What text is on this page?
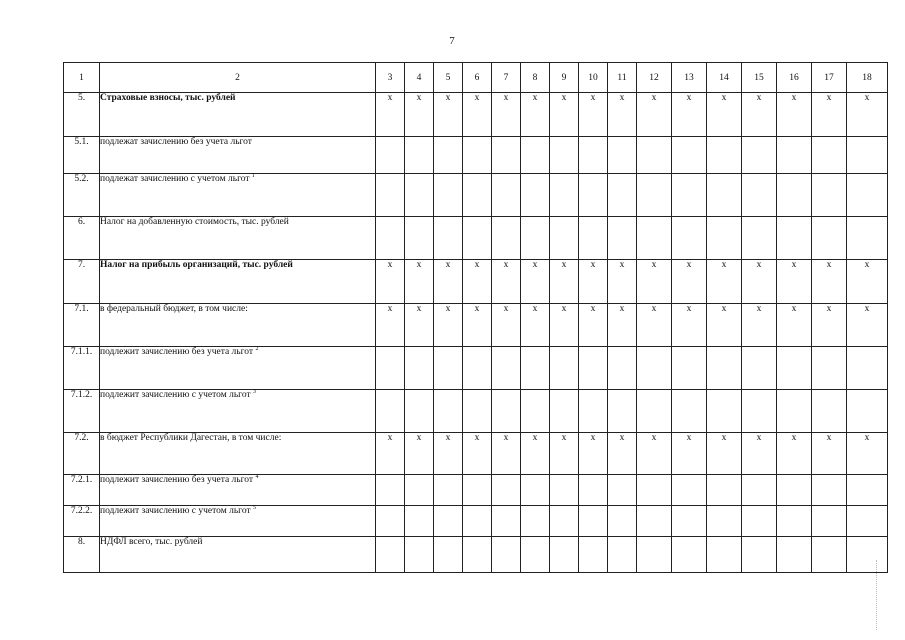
7
1	2	3	4	5	6	7	8	9	10	11	12	13	14	15	16	17	18
5.	Страховые взносы, тыс. рублей	x	x	x	x	x	x	x	x	x	x	x	x	x	x	x	x
5.1.	подлежат зачислению без учета льгот																
5.2.	подлежат зачислению с учетом льгот $^1$																
6.	Налог на добавленную стоимость, тыс. рублей																
7.	Налог на прибыль организаций, тыс. рублей	x	x	x	x	x	x	x	x	x	x	x	x	x	x	x	x
7.1.	в федеральный бюджет, в том числе:	x	x	x	x	x	x	x	x	x	x	x	x	x	x	x	x
7.1.1.	подлежит зачислению без учета льгот $^2$																
7.1.2.	подлежит зачислению с учетом льгот $^3$																
7.2.	в бюджет Республики Дагестан, в том числе:	x	x	x	x	x	x	x	x	x	x	x	x	x	x	x	x
7.2.1.	подлежит зачислению без учета льгот $^4$																
7.2.2.	подлежит зачислению с учетом льгот $^5$																
8.	НДФЛ всего, тыс. рублей																
